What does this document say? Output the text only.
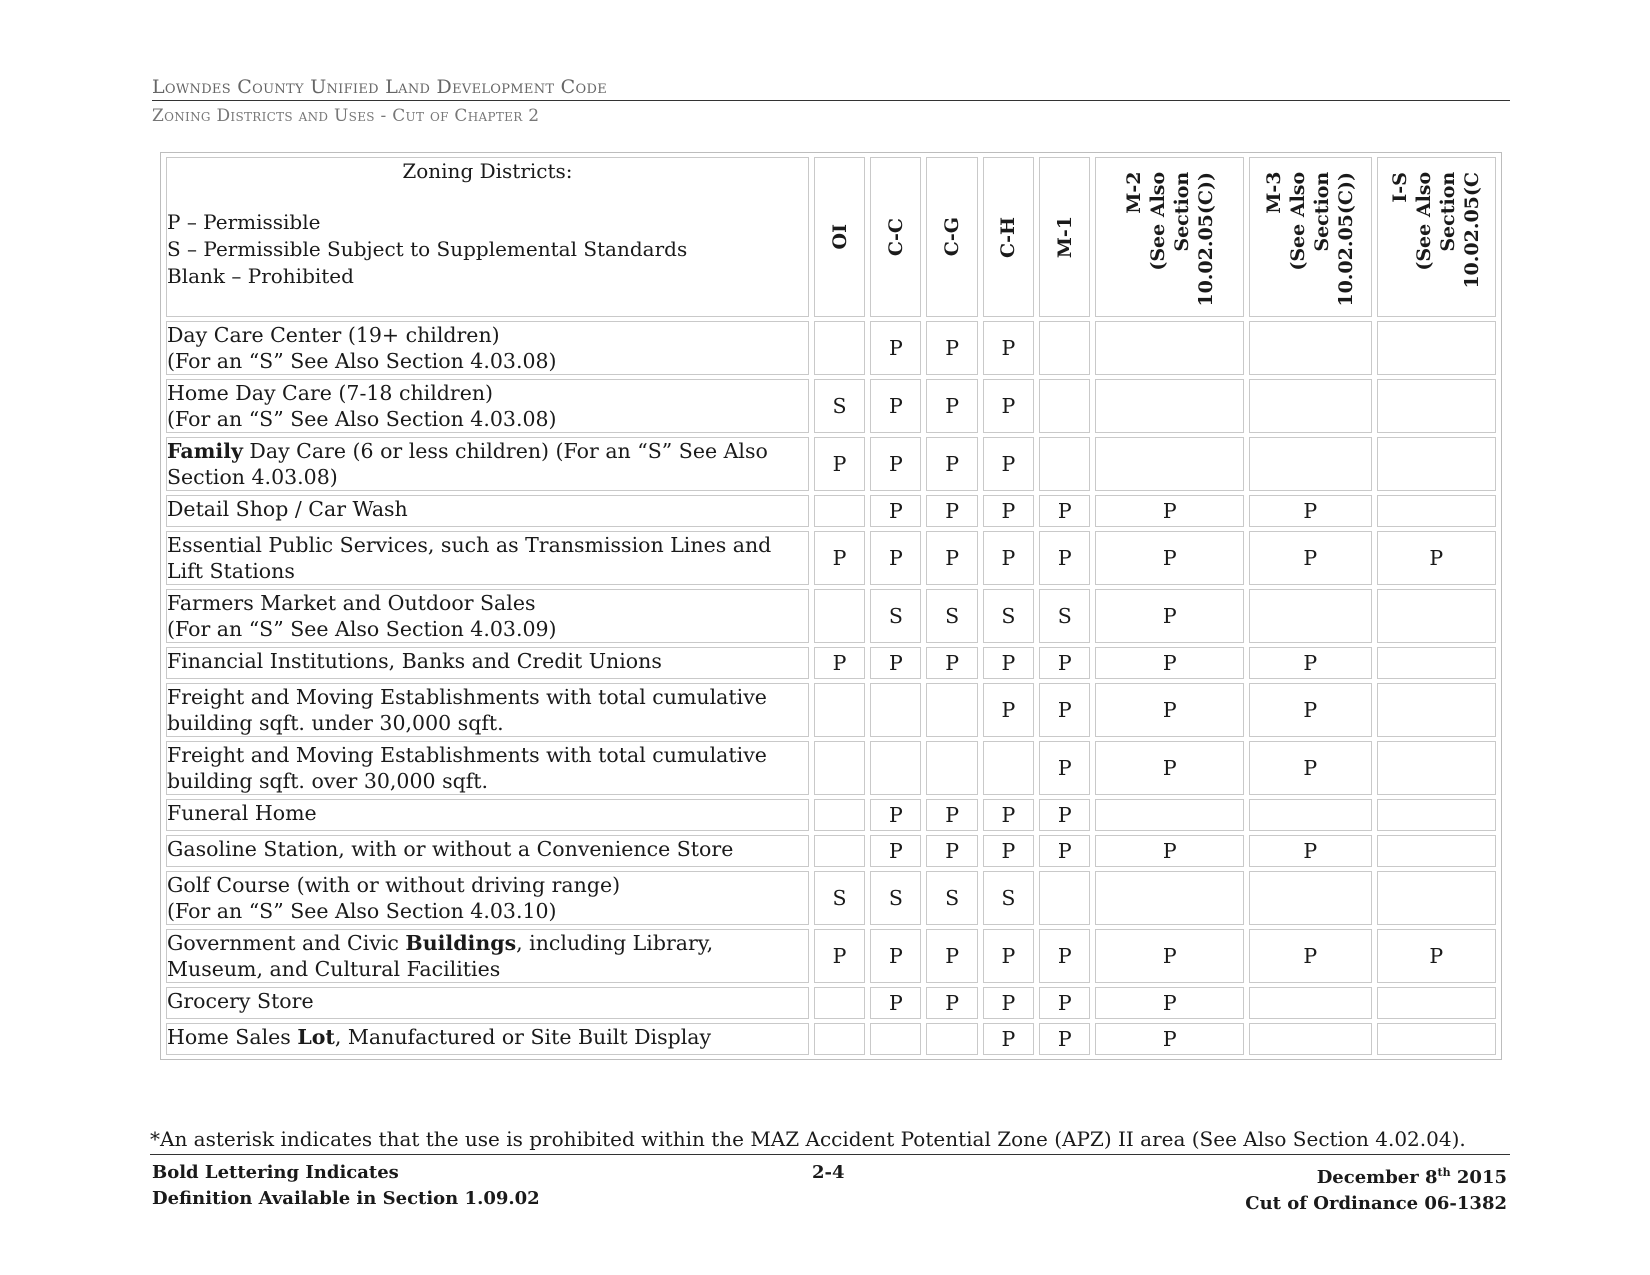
Lowndes County Unified Land Development Code
Zoning Districts and Uses - Cut of Chapter 2
Zoning Districts:
P – Permissible
S – Permissible Subject to Supplemental Standards
Blank – Prohibited	OI	C-C	C-G	C-H	M-1	M-2
(See Also
Section
10.02.05(C))	M-3
(See Also
Section
10.02.05(C))	I-S
(See Also
Section
10.02.05(C

Day Care Center (19+ children)
(For an “S” See Also Section 4.03.08)		P	P	P				
Home Day Care (7-18 children)
(For an “S” See Also Section 4.03.08)	S	P	P	P				
Family Day Care (6 or less children) (For an “S” See Also
Section 4.03.08)	P	P	P	P				
Detail Shop / Car Wash		P	P	P	P	P	P	
Essential Public Services, such as Transmission Lines and
Lift Stations	P	P	P	P	P	P	P	P
Farmers Market and Outdoor Sales
(For an “S” See Also Section 4.03.09)		S	S	S	S	P		
Financial Institutions, Banks and Credit Unions	P	P	P	P	P	P	P	
Freight and Moving Establishments with total cumulative
building sqft. under 30,000 sqft.				P	P	P	P	
Freight and Moving Establishments with total cumulative
building sqft. over 30,000 sqft.					P	P	P	
Funeral Home		P	P	P	P			
Gasoline Station, with or without a Convenience Store		P	P	P	P	P	P	
Golf Course (with or without driving range)
(For an “S” See Also Section 4.03.10)	S	S	S	S				
Government and Civic Buildings, including Library,
Museum, and Cultural Facilities	P	P	P	P	P	P	P	P
Grocery Store		P	P	P	P	P		
Home Sales Lot, Manufactured or Site Built Display				P	P	P		
*An asterisk indicates that the use is prohibited within the MAZ Accident Potential Zone (APZ) II area (See Also Section 4.02.04).
Bold Lettering Indicates
Definition Available in Section 1.09.02
2-4	December 8th 2015
Cut of Ordinance 06-1382
